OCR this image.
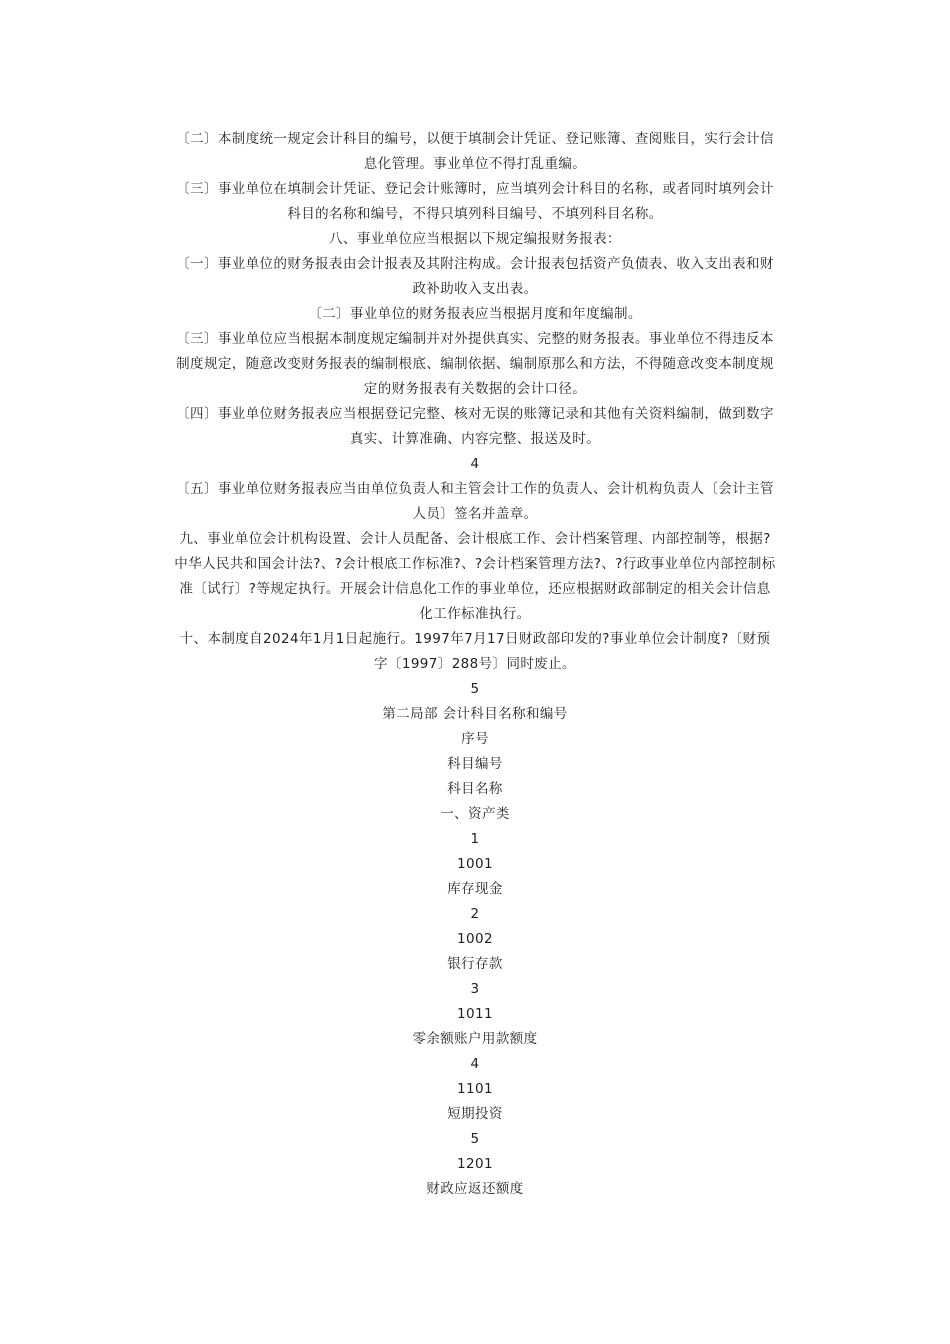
〔二〕本制度统一规定会计科目的编号，以便于填制会计凭证、登记账簿、查阅账目，实行会计信息化管理。事业单位不得打乱重编。
〔三〕事业单位在填制会计凭证、登记会计账簿时，应当填列会计科目的名称，或者同时填列会计科目的名称和编号，不得只填列科目编号、不填列科目名称。
八、事业单位应当根据以下规定编报财务报表：
〔一〕事业单位的财务报表由会计报表及其附注构成。会计报表包括资产负债表、收入支出表和财政补助收入支出表。
〔二〕事业单位的财务报表应当根据月度和年度编制。
〔三〕事业单位应当根据本制度规定编制并对外提供真实、完整的财务报表。事业单位不得违反本制度规定，随意改变财务报表的编制根底、编制依据、编制原那么和方法，不得随意改变本制度规定的财务报表有关数据的会计口径。
〔四〕事业单位财务报表应当根据登记完整、核对无误的账簿记录和其他有关资料编制，做到数字真实、计算准确、内容完整、报送及时。
4
〔五〕事业单位财务报表应当由单位负责人和主管会计工作的负责人、会计机构负责人〔会计主管人员〕签名并盖章。
九、事业单位会计机构设置、会计人员配备、会计根底工作、会计档案管理、内部控制等，根据?中华人民共和国会计法?、?会计根底工作标准?、?会计档案管理方法?、?行政事业单位内部控制标准〔试行〕?等规定执行。开展会计信息化工作的事业单位，还应根据财政部制定的相关会计信息化工作标准执行。
十、本制度自2024年1月1日起施行。1997年7月17日财政部印发的?事业单位会计制度?〔财预字〔1997〕288号〕同时废止。
5
第二局部 会计科目名称和编号
序号
科目编号
科目名称
一、资产类
1
1001
库存现金
2
1002
银行存款
3
1011
零余额账户用款额度
4
1101
短期投资
5
1201
财政应返还额度
